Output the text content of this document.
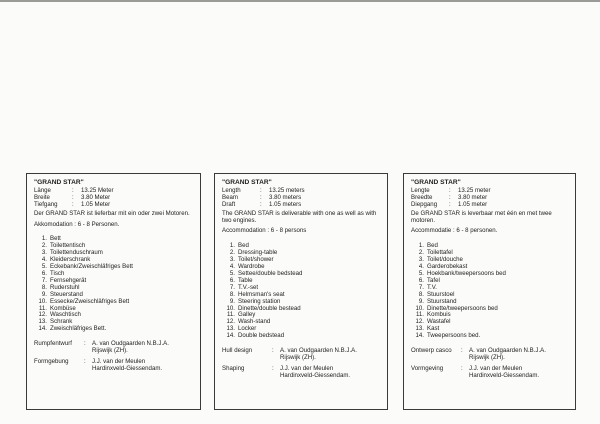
"GRAND STAR"
Länge	:	13.25 Meter
Breite	:	3.80 Meter
Tiefgang	:	1.05 Meter
Der GRAND STAR ist lieferbar mit ein oder zwei Motoren.
Akkomodation : 6 - 8 Personen.
1. Bett
2. Toilettentisch
3. Toilettenduschraum
4. Kleiderschrank
5. Eckebank/Zweischläfriges Bett
6. Tisch
7. Fernsehgerät
8. Ruderstuhl
9. Steuerstand
10. Essecke/Zweischläfriges Bett
11. Kombüse
12. Waschtisch
13. Schrank
14. Zweischläfriges Bett.
Rumpfentwurf	:	A. van Oudgaarden N.B.J.A.
Rijswijk (ZH).
Formgebung	:	J.J. van der Meulen
Hardinxveld-Giessendam.
"GRAND STAR"
Length	:	13.25 meters
Beam	:	3.80 meters
Draft	:	1.05 meters
The GRAND STAR is deliverable with one as well as with two engines.
Accommodation : 6 - 8 persons
1. Bed
2. Dressing-table
3. Toilet/shower
4. Wardrobe
5. Settee/double bedstead
6. Table
7. T.V.-set
8. Helmsman's seat
9. Steering station
10. Dinette/double bestead
11. Galley
12. Wash-stand
13. Locker
14. Double bedstead
Hull design	:	A. van Oudgaarden N.B.J.A.
Rijswijk (ZH).
Shaping	:	J.J. van der Meulen
Hardinxveld-Giessendam.
"GRAND STAR"
Lengte	:	13.25 meter
Breedte	:	3.80 meter
Diepgang	:	1.05 meter
De GRAND STAR is leverbaar met één en met twee motoren.
Accommodatie : 6 - 8 personen.
1. Bed
2. Toilettafel
3. Toilet/douche
4. Garderobekast
5. Hoekbank/tweepersoons bed
6. Tafel
7. T.V.
8. Stuurstoel
9. Stuurstand
10. Dinette/tweepersoons bed
11. Kombuis
12. Wastafel
13. Kast
14. Tweepersoons bed.
Ontwerp casco	:	A. van Oudgaarden N.B.J.A.
Rijswijk (ZH).
Vormgeving	:	J.J. van der Meulen
Hardinxveld-Giessendam.
